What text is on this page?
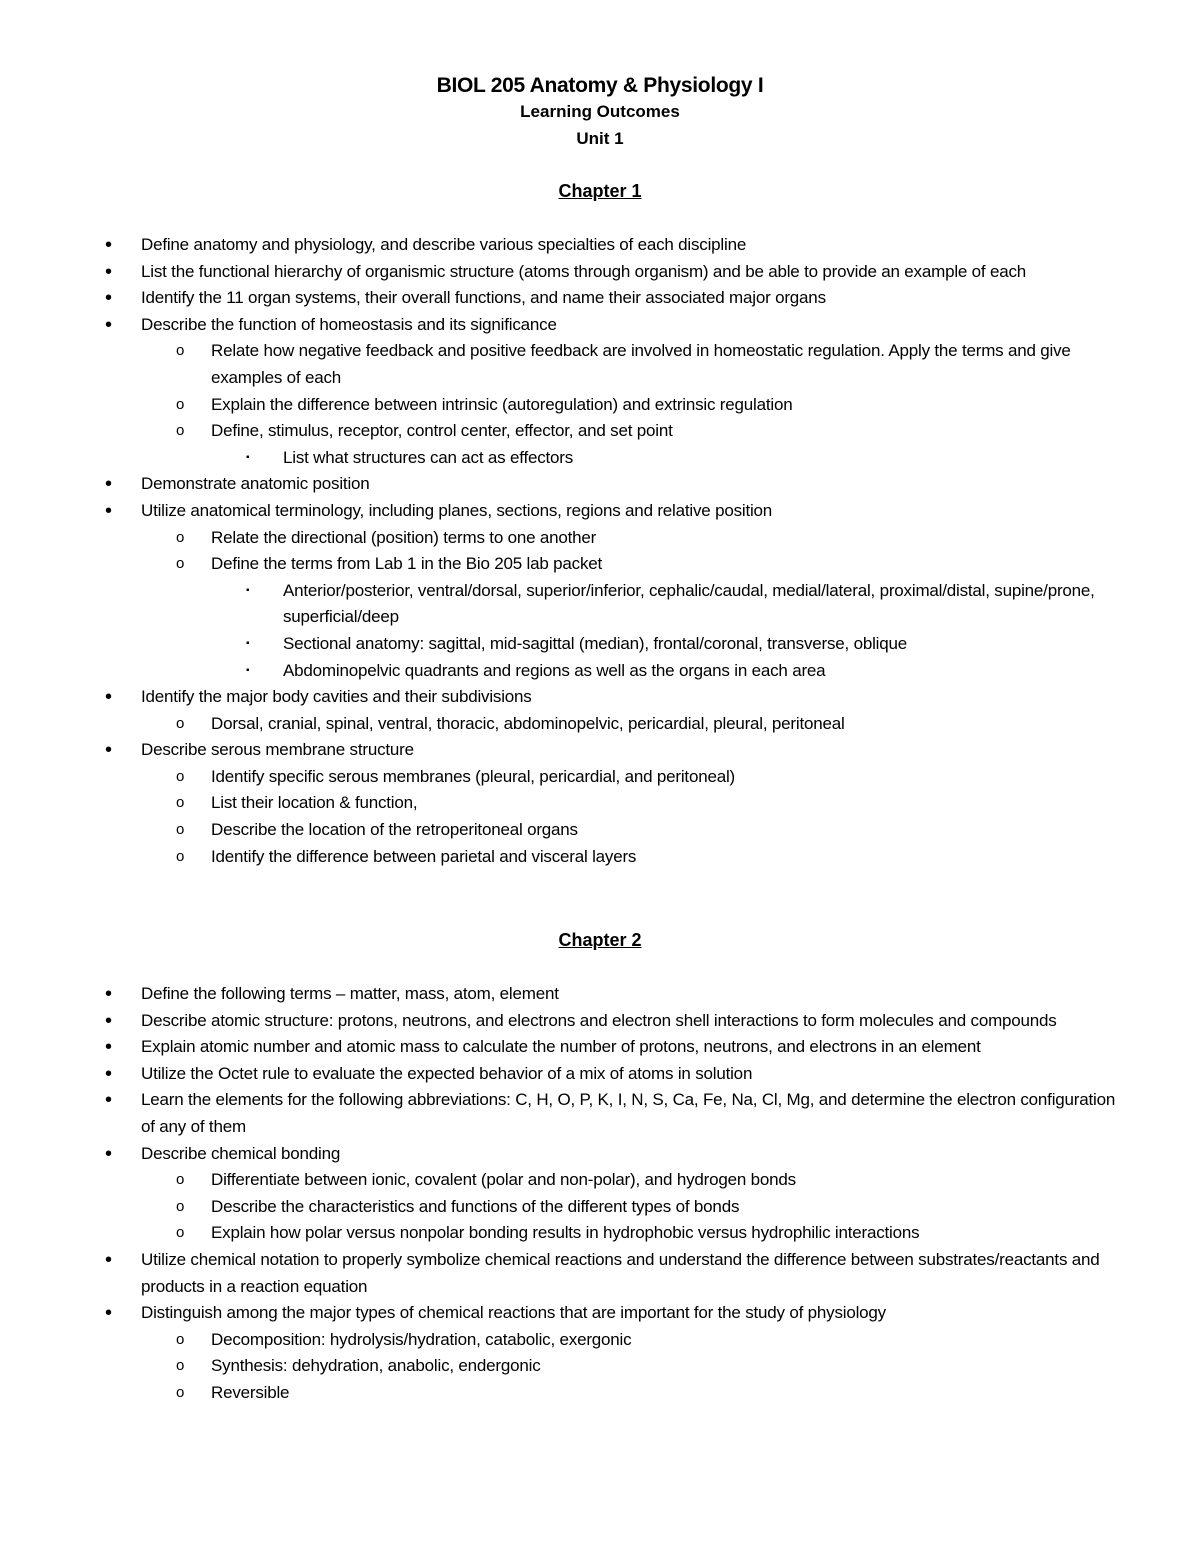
BIOL 205 Anatomy & Physiology I
Learning Outcomes
Unit 1
Chapter 1
• Define anatomy and physiology, and describe various specialties of each discipline
• List the functional hierarchy of organismic structure (atoms through organism) and be able to provide an example of each
• Identify the 11 organ systems, their overall functions, and name their associated major organs
• Describe the function of homeostasis and its significance
o Relate how negative feedback and positive feedback are involved in homeostatic regulation. Apply the terms and give examples of each
o Explain the difference between intrinsic (autoregulation) and extrinsic regulation
o Define, stimulus, receptor, control center, effector, and set point
▪ List what structures can act as effectors
• Demonstrate anatomic position
• Utilize anatomical terminology, including planes, sections, regions and relative position
o Relate the directional (position) terms to one another
o Define the terms from Lab 1 in the Bio 205 lab packet
▪ Anterior/posterior, ventral/dorsal, superior/inferior, cephalic/caudal, medial/lateral, proximal/distal, supine/prone, superficial/deep
▪ Sectional anatomy: sagittal, mid-sagittal (median), frontal/coronal, transverse, oblique
▪ Abdominopelvic quadrants and regions as well as the organs in each area
• Identify the major body cavities and their subdivisions
o Dorsal, cranial, spinal, ventral, thoracic, abdominopelvic, pericardial, pleural, peritoneal
• Describe serous membrane structure
o Identify specific serous membranes (pleural, pericardial, and peritoneal)
o List their location & function,
o Describe the location of the retroperitoneal organs
o Identify the difference between parietal and visceral layers
Chapter 2
• Define the following terms – matter, mass, atom, element
• Describe atomic structure: protons, neutrons, and electrons and electron shell interactions to form molecules and compounds
• Explain atomic number and atomic mass to calculate the number of protons, neutrons, and electrons in an element
• Utilize the Octet rule to evaluate the expected behavior of a mix of atoms in solution
• Learn the elements for the following abbreviations: C, H, O, P, K, I, N, S, Ca, Fe, Na, Cl, Mg, and determine the electron configuration of any of them
• Describe chemical bonding
o Differentiate between ionic, covalent (polar and non-polar), and hydrogen bonds
o Describe the characteristics and functions of the different types of bonds
o Explain how polar versus nonpolar bonding results in hydrophobic versus hydrophilic interactions
• Utilize chemical notation to properly symbolize chemical reactions and understand the difference between substrates/reactants and products in a reaction equation
• Distinguish among the major types of chemical reactions that are important for the study of physiology
o Decomposition: hydrolysis/hydration, catabolic, exergonic
o Synthesis: dehydration, anabolic, endergonic
o Reversible
